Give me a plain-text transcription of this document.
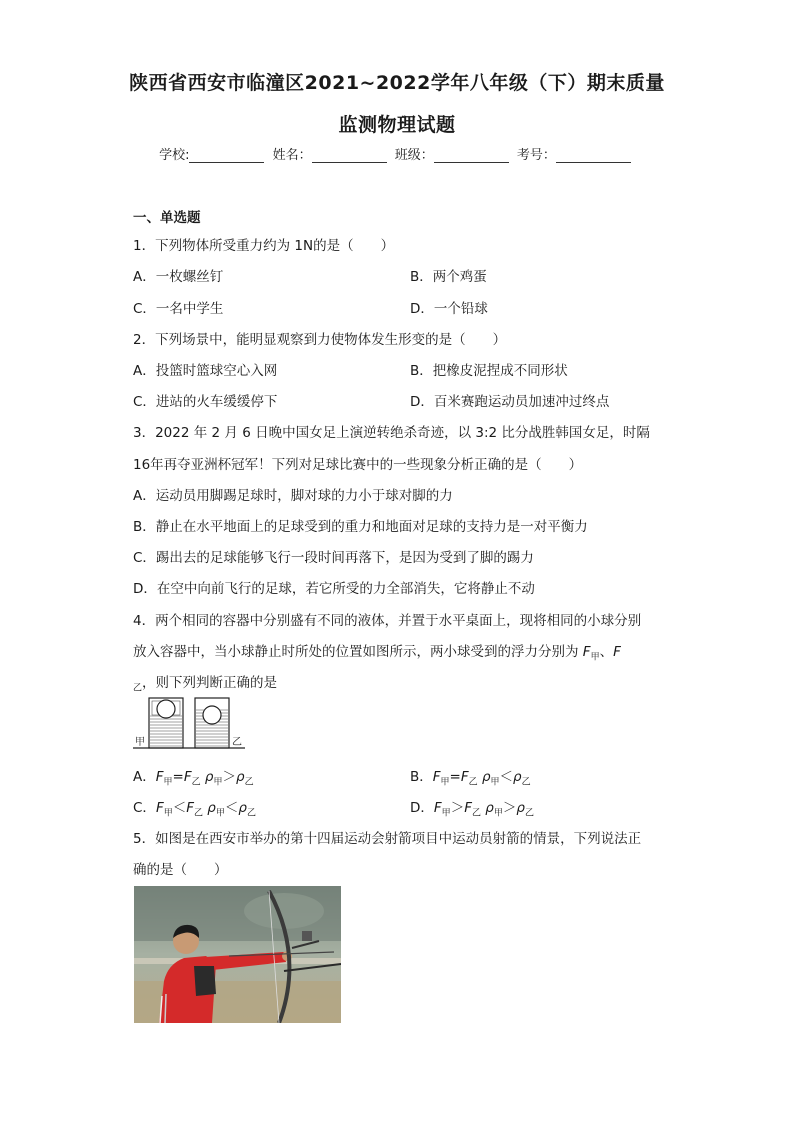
陕西省西安市临潼区2021~2022学年八年级（下）期末质量
监测物理试题
学校:	姓名：	班级：	考号：
一、单选题
1．下列物体所受重力约为 1N的是（　　）
A．一枚螺丝钉	B．两个鸡蛋
C．一名中学生	D．一个铅球
2．下列场景中，能明显观察到力使物体发生形变的是（　　）
A．投篮时篮球空心入网	B．把橡皮泥捏成不同形状
C．进站的火车缓缓停下	D．百米赛跑运动员加速冲过终点
3．2022 年 2 月 6 日晚中国女足上演逆转绝杀奇迹，以 3:2 比分战胜韩国女足，时隔
16年再夺亚洲杯冠军！下列对足球比赛中的一些现象分析正确的是（　　）
A．运动员用脚踢足球时，脚对球的力小于球对脚的力
B．静止在水平地面上的足球受到的重力和地面对足球的支持力是一对平衡力
C．踢出去的足球能够飞行一段时间再落下，是因为受到了脚的踢力
D．在空中向前飞行的足球，若它所受的力全部消失，它将静止不动
4．两个相同的容器中分别盛有不同的液体，并置于水平桌面上，现将相同的小球分别
放入容器中，当小球静止时所处的位置如图所示，两小球受到的浮力分别为 $F_甲$、F
$_乙$，则下列判断正确的是
甲	乙
A．$F_甲=F_乙$ $\rho_甲>\rho_乙$	B．$F_甲=F_乙$ $\rho_甲<\rho_乙$
C．$F_甲<F_乙$ $\rho_甲<\rho_乙$	D．$F_甲>F_乙$ $\rho_甲>\rho_乙$
5．如图是在西安市举办的第十四届运动会射箭项目中运动员射箭的情景，下列说法正
确的是（　　）
